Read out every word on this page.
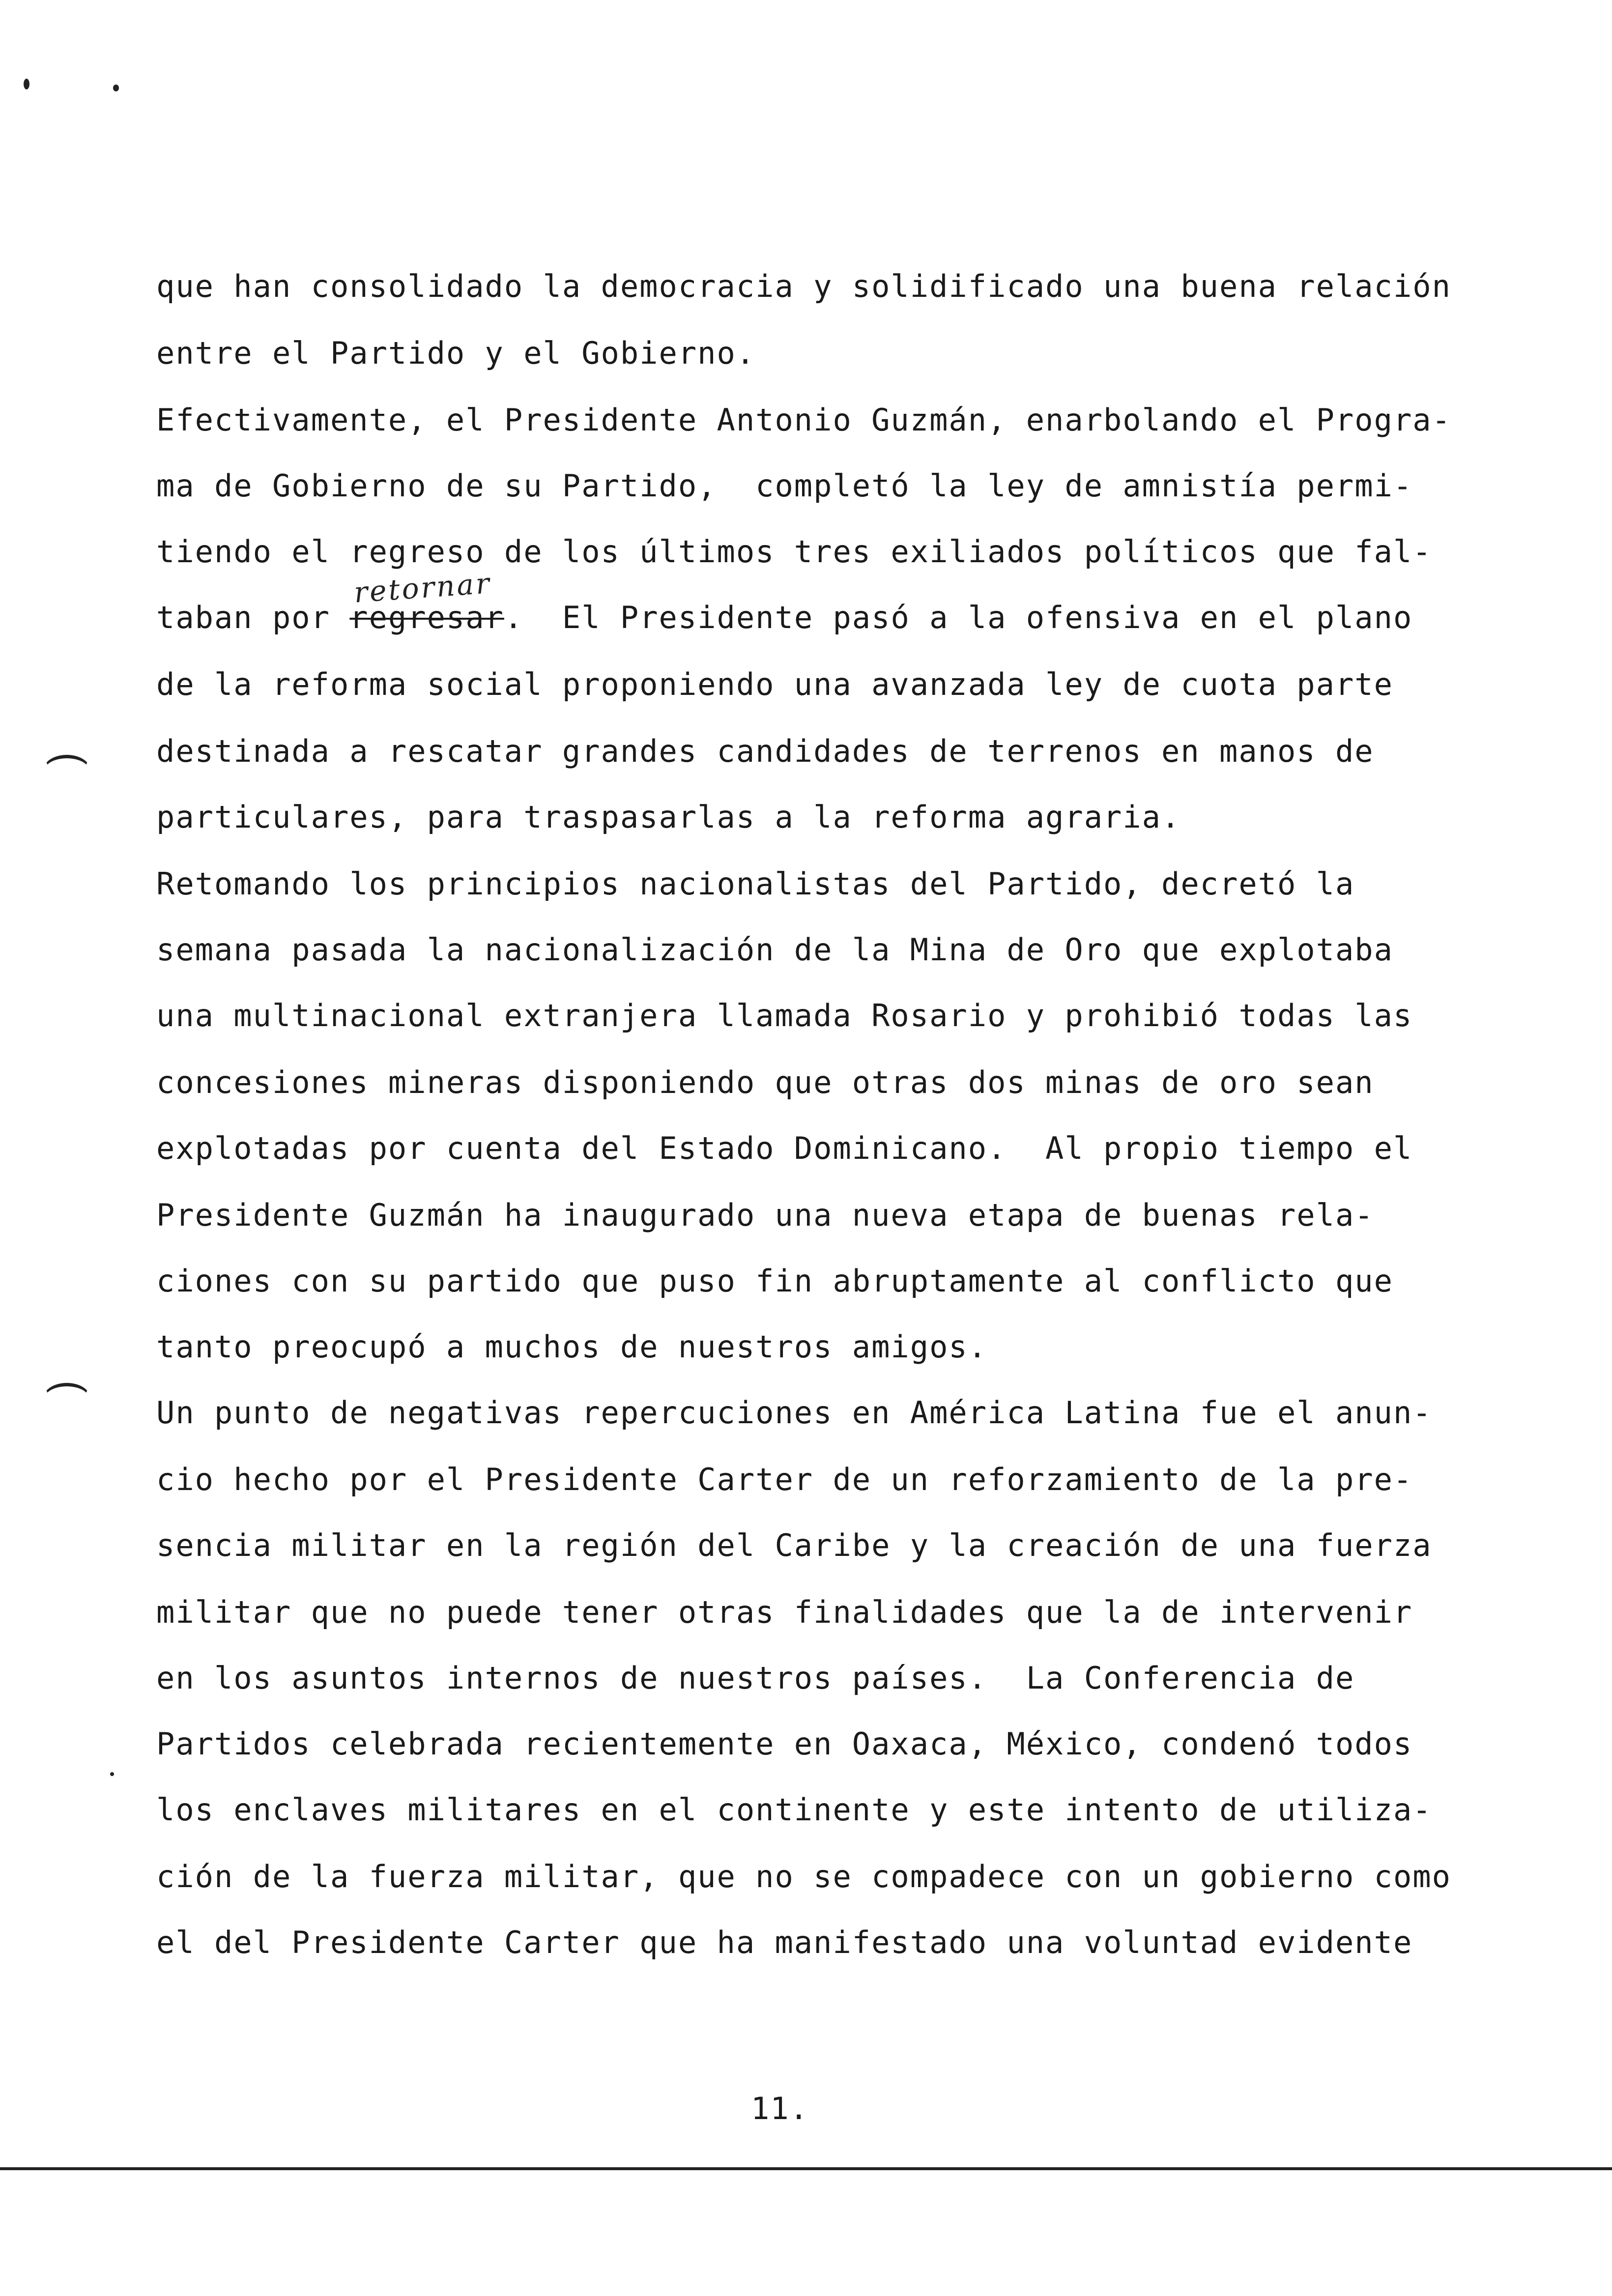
que han consolidado la democracia y solidificado una buena relación
entre el Partido y el Gobierno.
Efectivamente, el Presidente Antonio Guzmán, enarbolando el Progra-
ma de Gobierno de su Partido,  completó la ley de amnistía permi-
tiendo el regreso de los últimos tres exiliados políticos que fal-
taban por regresar.  El Presidente pasó a la ofensiva en el plano
retornar
de la reforma social proponiendo una avanzada ley de cuota parte
destinada a rescatar grandes candidades de terrenos en manos de
particulares, para traspasarlas a la reforma agraria.
Retomando los principios nacionalistas del Partido, decretó la
semana pasada la nacionalización de la Mina de Oro que explotaba
una multinacional extranjera llamada Rosario y prohibió todas las
concesiones mineras disponiendo que otras dos minas de oro sean
explotadas por cuenta del Estado Dominicano.  Al propio tiempo el
Presidente Guzmán ha inaugurado una nueva etapa de buenas rela-
ciones con su partido que puso fin abruptamente al conflicto que
tanto preocupó a muchos de nuestros amigos.
Un punto de negativas repercuciones en América Latina fue el anun-
cio hecho por el Presidente Carter de un reforzamiento de la pre-
sencia militar en la región del Caribe y la creación de una fuerza
militar que no puede tener otras finalidades que la de intervenir
en los asuntos internos de nuestros países.  La Conferencia de
Partidos celebrada recientemente en Oaxaca, México, condenó todos
los enclaves militares en el continente y este intento de utiliza-
ción de la fuerza militar, que no se compadece con un gobierno como
el del Presidente Carter que ha manifestado una voluntad evidente
11.
